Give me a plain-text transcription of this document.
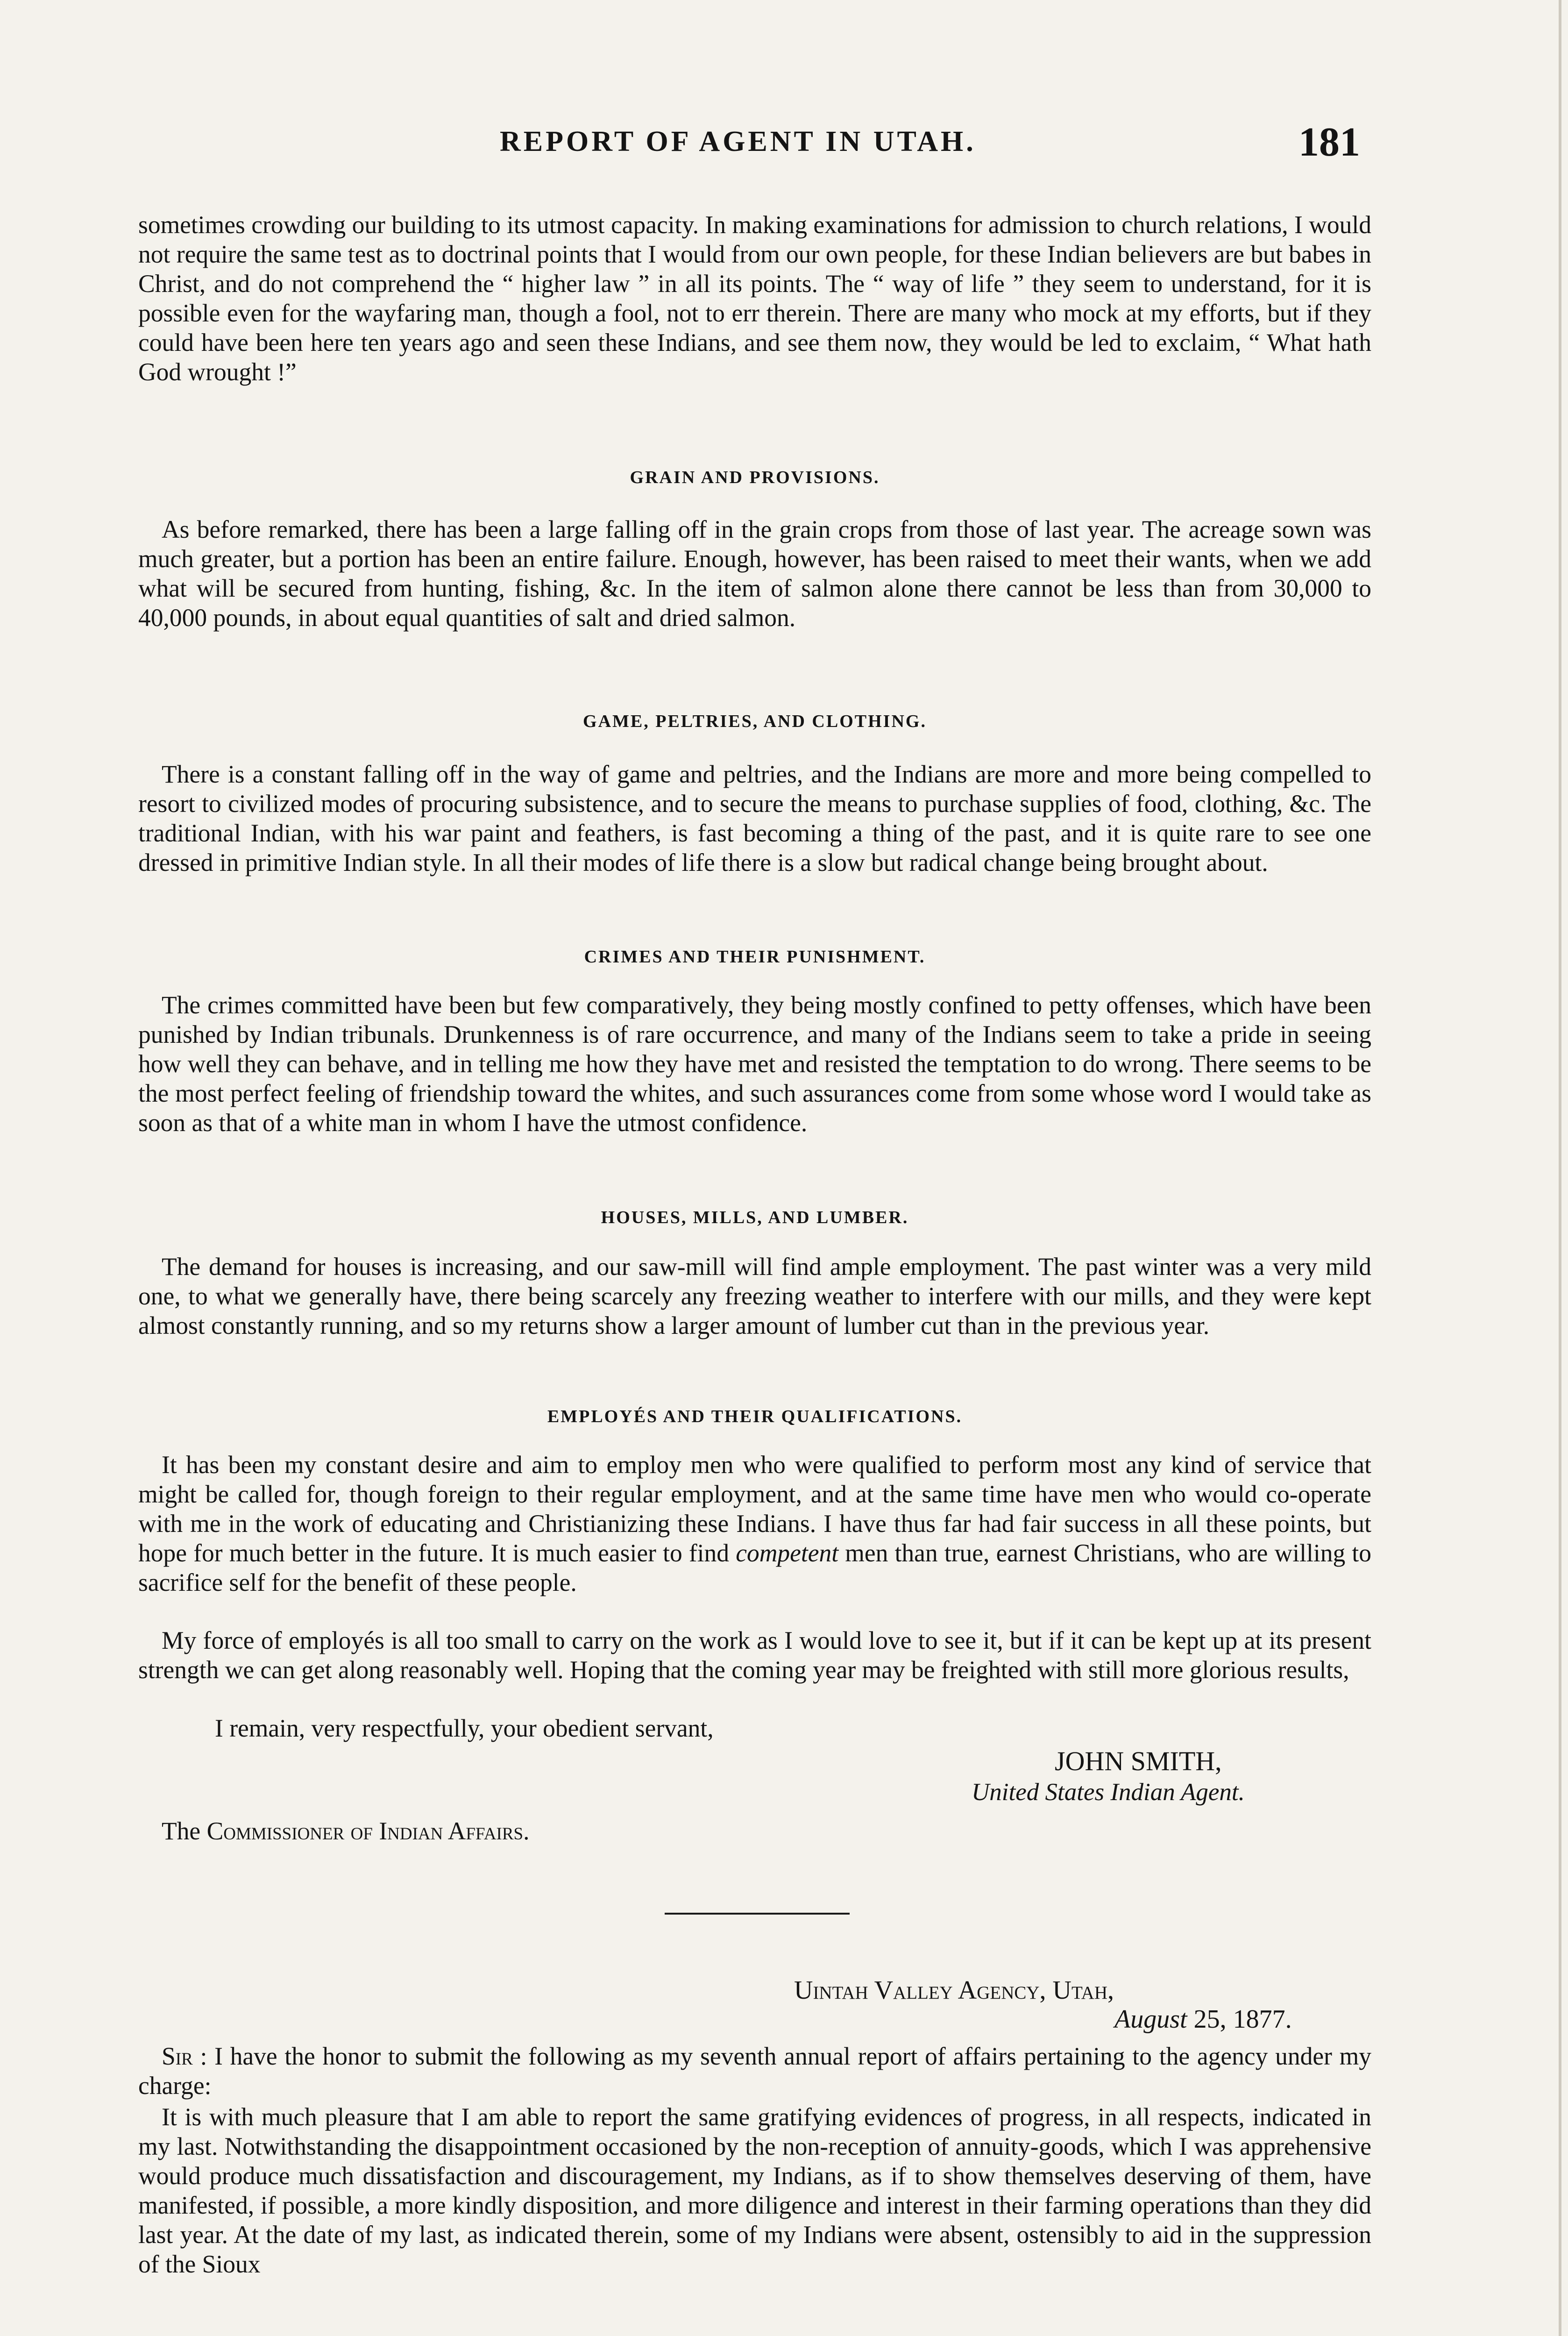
REPORT OF AGENT IN UTAH.	181

sometimes crowding our building to its utmost capacity. In making examinations for admission to church relations, I would not require the same test as to doctrinal points that I would from our own people, for these Indian believers are but babes in Christ, and do not comprehend the “ higher law ” in all its points. The “ way of life ” they seem to understand, for it is possible even for the wayfaring man, though a fool, not to err therein. There are many who mock at my efforts, but if they could have been here ten years ago and seen these Indians, and see them now, they would be led to exclaim, “ What hath God wrought !”

GRAIN AND PROVISIONS.

As before remarked, there has been a large falling off in the grain crops from those of last year. The acreage sown was much greater, but a portion has been an entire failure. Enough, however, has been raised to meet their wants, when we add what will be secured from hunting, fishing, &c. In the item of salmon alone there cannot be less than from 30,000 to 40,000 pounds, in about equal quantities of salt and dried salmon.

GAME, PELTRIES, AND CLOTHING.

There is a constant falling off in the way of game and peltries, and the Indians are more and more being compelled to resort to civilized modes of procuring subsistence, and to secure the means to purchase supplies of food, clothing, &c. The traditional Indian, with his war paint and feathers, is fast becoming a thing of the past, and it is quite rare to see one dressed in primitive Indian style. In all their modes of life there is a slow but radical change being brought about.

CRIMES AND THEIR PUNISHMENT.

The crimes committed have been but few comparatively, they being mostly confined to petty offenses, which have been punished by Indian tribunals. Drunkenness is of rare occurrence, and many of the Indians seem to take a pride in seeing how well they can behave, and in telling me how they have met and resisted the temptation to do wrong. There seems to be the most perfect feeling of friendship toward the whites, and such assurances come from some whose word I would take as soon as that of a white man in whom I have the utmost confidence.

HOUSES, MILLS, AND LUMBER.

The demand for houses is increasing, and our saw-mill will find ample employment. The past winter was a very mild one, to what we generally have, there being scarcely any freezing weather to interfere with our mills, and they were kept almost constantly running, and so my returns show a larger amount of lumber cut than in the previous year.

EMPLOYÉS AND THEIR QUALIFICATIONS.

It has been my constant desire and aim to employ men who were qualified to perform most any kind of service that might be called for, though foreign to their regular employment, and at the same time have men who would co-operate with me in the work of educating and Christianizing these Indians. I have thus far had fair success in all these points, but hope for much better in the future. It is much easier to find competent men than true, earnest Christians, who are willing to sacrifice self for the benefit of these people.

My force of employés is all too small to carry on the work as I would love to see it, but if it can be kept up at its present strength we can get along reasonably well. Hoping that the coming year may be freighted with still more glorious results,

I remain, very respectfully, your obedient servant,

JOHN SMITH,

United States Indian Agent.

The Commissioner of Indian Affairs.

Uintah Valley Agency, Utah,

August 25, 1877.

Sir : I have the honor to submit the following as my seventh annual report of affairs pertaining to the agency under my charge:

It is with much pleasure that I am able to report the same gratifying evidences of progress, in all respects, indicated in my last. Notwithstanding the disappointment occasioned by the non-reception of annuity-goods, which I was apprehensive would produce much dissatisfaction and discouragement, my Indians, as if to show themselves deserving of them, have manifested, if possible, a more kindly disposition, and more diligence and interest in their farming operations than they did last year. At the date of my last, as indicated therein, some of my Indians were absent, ostensibly to aid in the suppression of the Sioux
